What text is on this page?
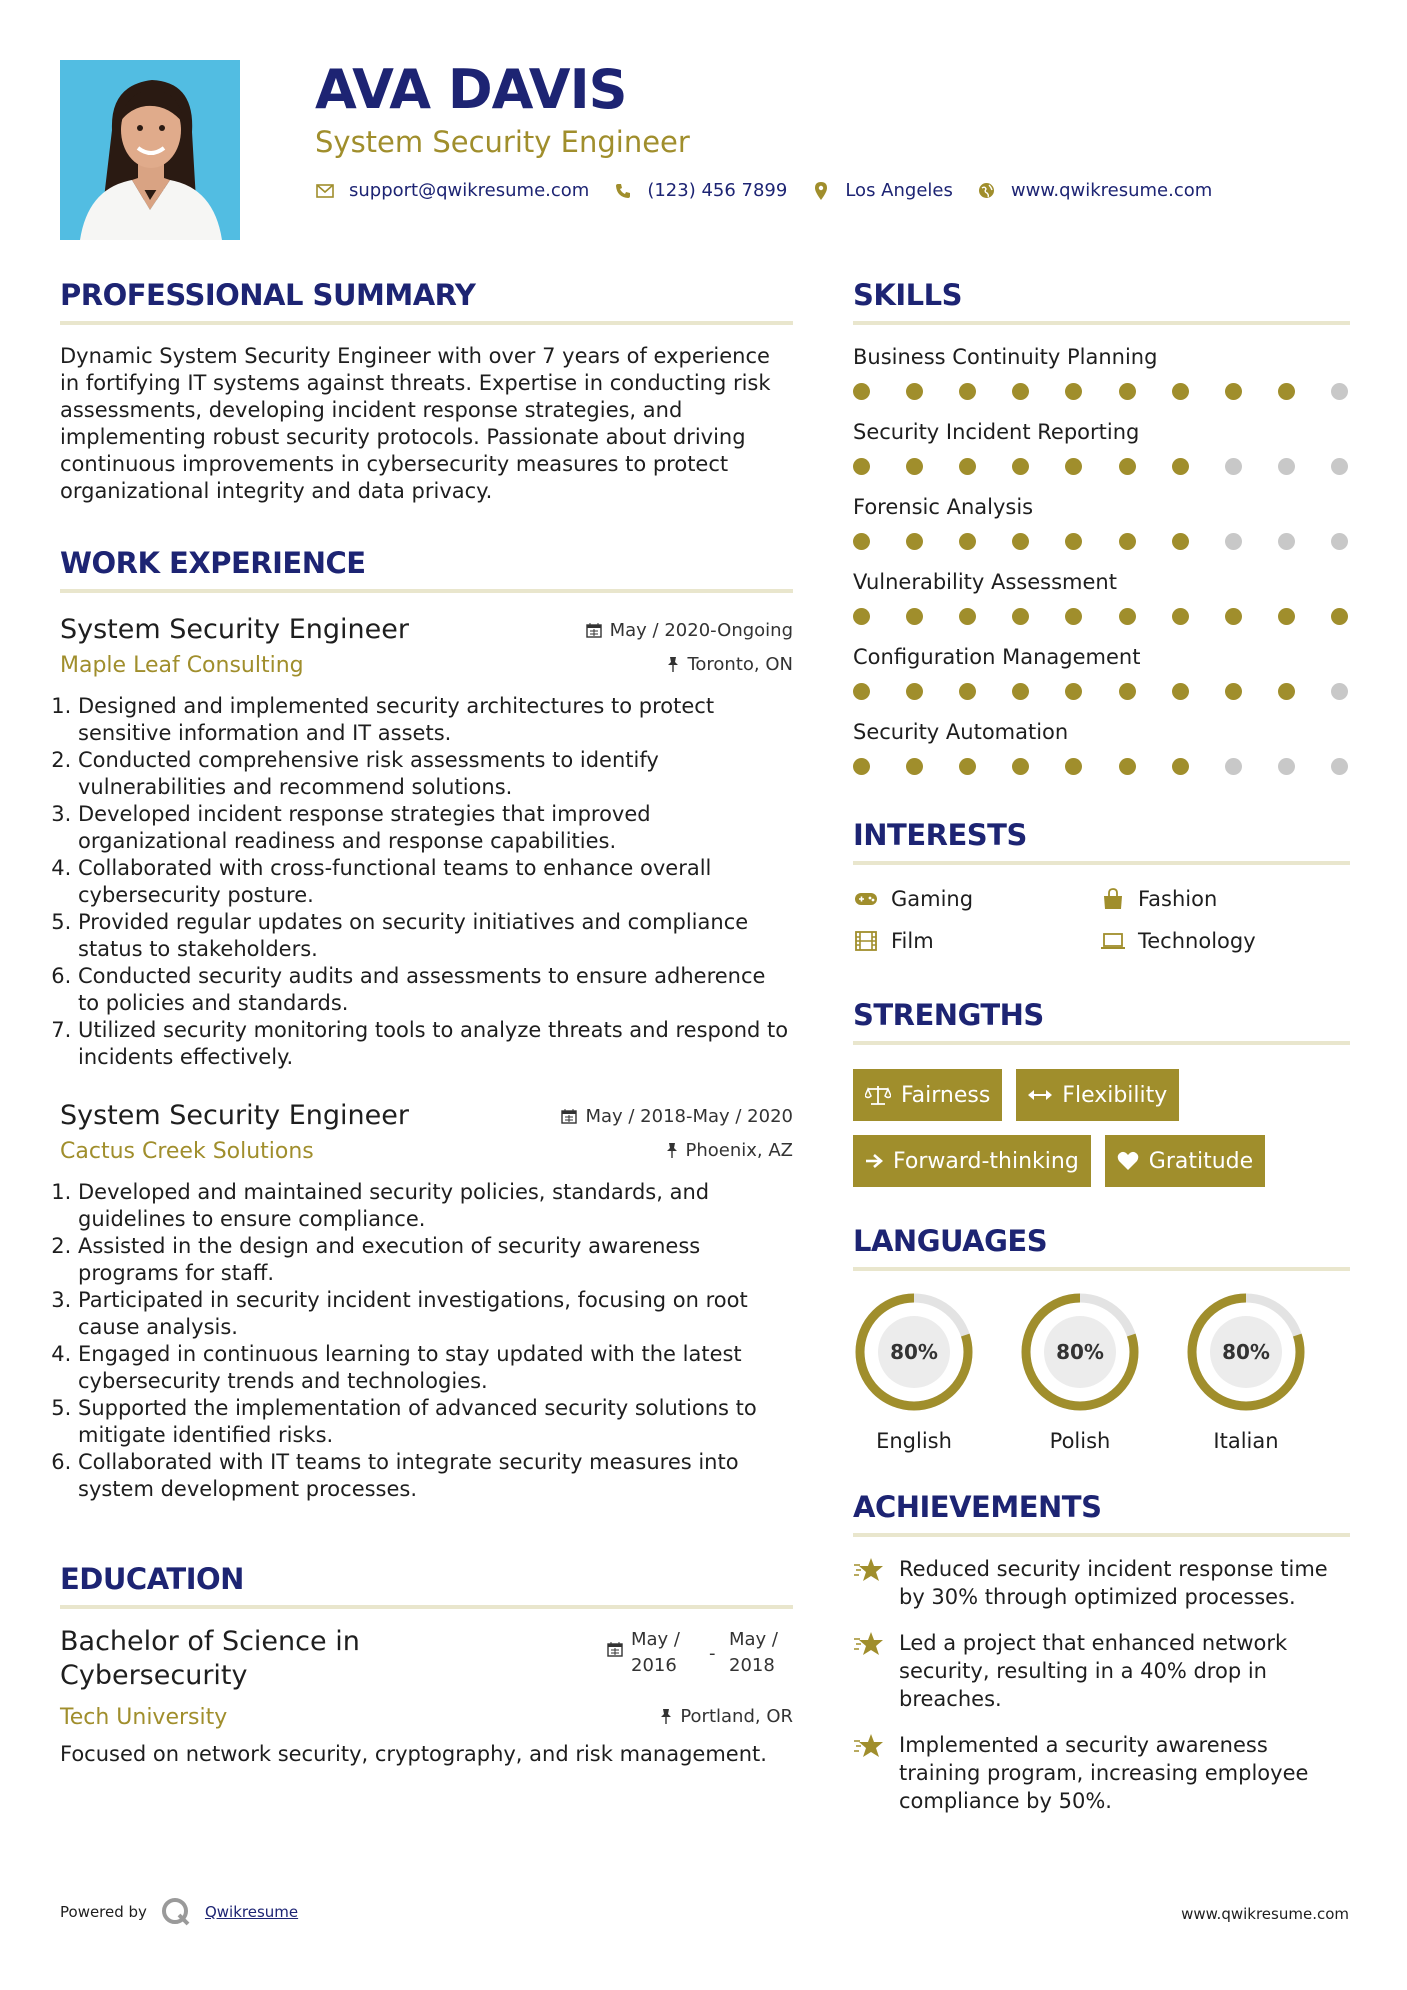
AVA DAVIS
System Security Engineer
support@qwikresume.com	(123) 456 7899	Los Angeles	www.qwikresume.com
PROFESSIONAL SUMMARY
Dynamic System Security Engineer with over 7 years of experience in fortifying IT systems against threats. Expertise in conducting risk assessments, developing incident response strategies, and implementing robust security protocols. Passionate about driving continuous improvements in cybersecurity measures to protect organizational integrity and data privacy.
WORK EXPERIENCE
System Security Engineer	May / 2020-Ongoing
Maple Leaf Consulting	Toronto, ON
1. Designed and implemented security architectures to protect sensitive information and IT assets.
2. Conducted comprehensive risk assessments to identify vulnerabilities and recommend solutions.
3. Developed incident response strategies that improved organizational readiness and response capabilities.
4. Collaborated with cross-functional teams to enhance overall cybersecurity posture.
5. Provided regular updates on security initiatives and compliance status to stakeholders.
6. Conducted security audits and assessments to ensure adherence to policies and standards.
7. Utilized security monitoring tools to analyze threats and respond to incidents effectively.
System Security Engineer	May / 2018-May / 2020
Cactus Creek Solutions	Phoenix, AZ
1. Developed and maintained security policies, standards, and guidelines to ensure compliance.
2. Assisted in the design and execution of security awareness programs for staff.
3. Participated in security incident investigations, focusing on root cause analysis.
4. Engaged in continuous learning to stay updated with the latest cybersecurity trends and technologies.
5. Supported the implementation of advanced security solutions to mitigate identified risks.
6. Collaborated with IT teams to integrate security measures into system development processes.
EDUCATION
Bachelor of Science in
Cybersecurity
May /
2016
-
May /
2018
Tech University	Portland, OR
Focused on network security, cryptography, and risk management.
SKILLS
Business Continuity Planning
Security Incident Reporting
Forensic Analysis
Vulnerability Assessment
Configuration Management
Security Automation
INTERESTS
Gaming	Fashion
Film	Technology
STRENGTHS
Fairness	Flexibility
Forward-thinking	Gratitude
LANGUAGES
80%
English
80%
Polish
80%
Italian
ACHIEVEMENTS
Reduced security incident response time by 30% through optimized processes.
Led a project that enhanced network security, resulting in a 40% drop in breaches.
Implemented a security awareness training program, increasing employee compliance by 50%.
Powered by	Qwikresume	www.qwikresume.com
